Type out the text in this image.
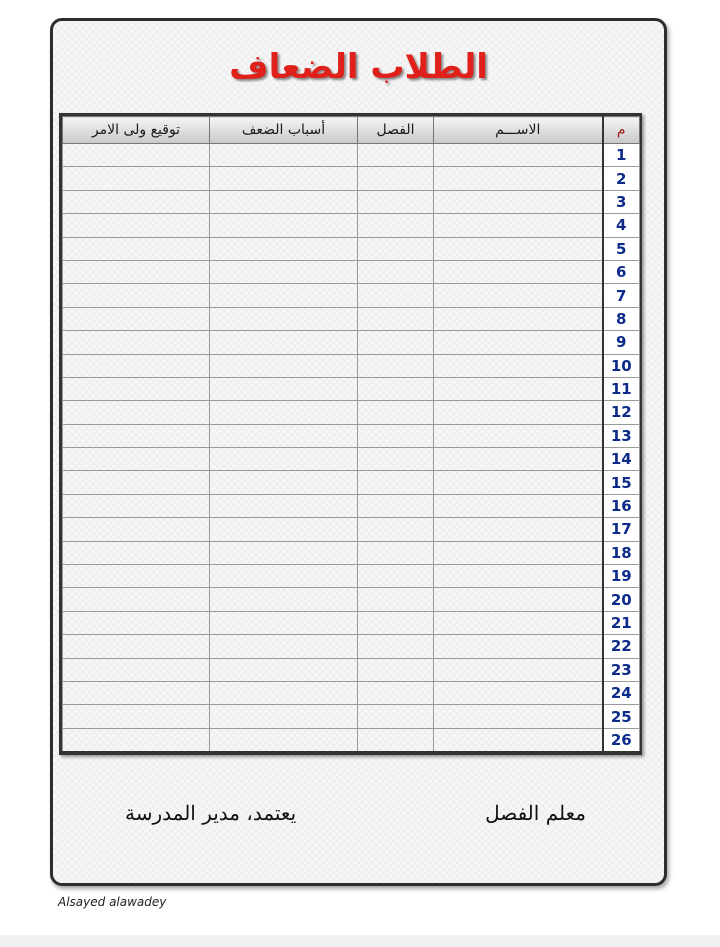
الطلاب الضعاف
م	الاســـم	الفصل	أسباب الضعف	توقيع ولى الامر
1				
2				
3				
4				
5				
6				
7				
8				
9				
10				
11				
12				
13				
14				
15				
16				
17				
18				
19				
20				
21				
22				
23				
24				
25				
26				
معلم الفصل
يعتمد، مدير المدرسة
Alsayed alawadey
